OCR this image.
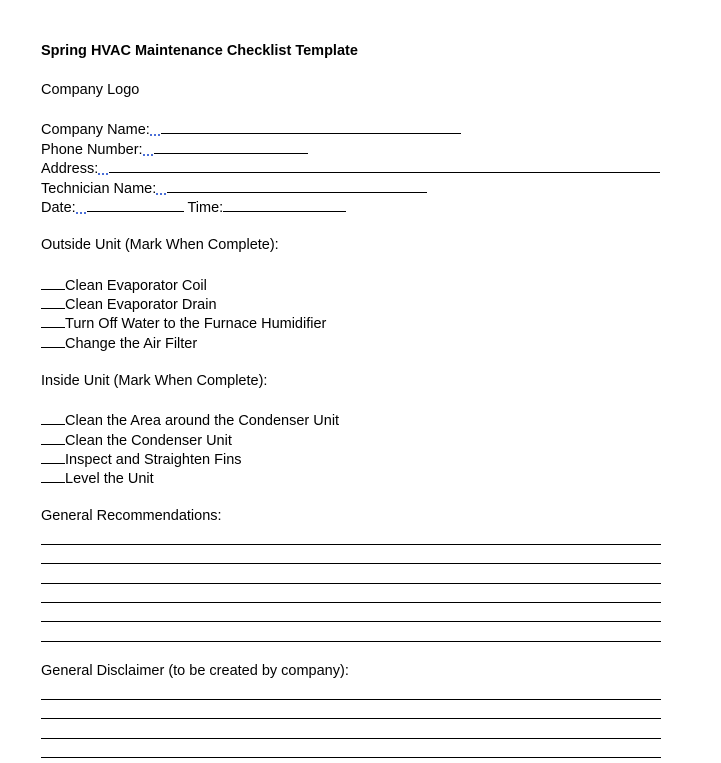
Spring HVAC Maintenance Checklist Template
Company Logo
Company Name:
Phone Number:
Address:
Technician Name:
Date:	Time:
Outside Unit (Mark When Complete):
Clean Evaporator Coil
Clean Evaporator Drain
Turn Off Water to the Furnace Humidifier
Change the Air Filter
Inside Unit (Mark When Complete):
Clean the Area around the Condenser Unit
Clean the Condenser Unit
Inspect and Straighten Fins
Level the Unit
General Recommendations:
General Disclaimer (to be created by company):
